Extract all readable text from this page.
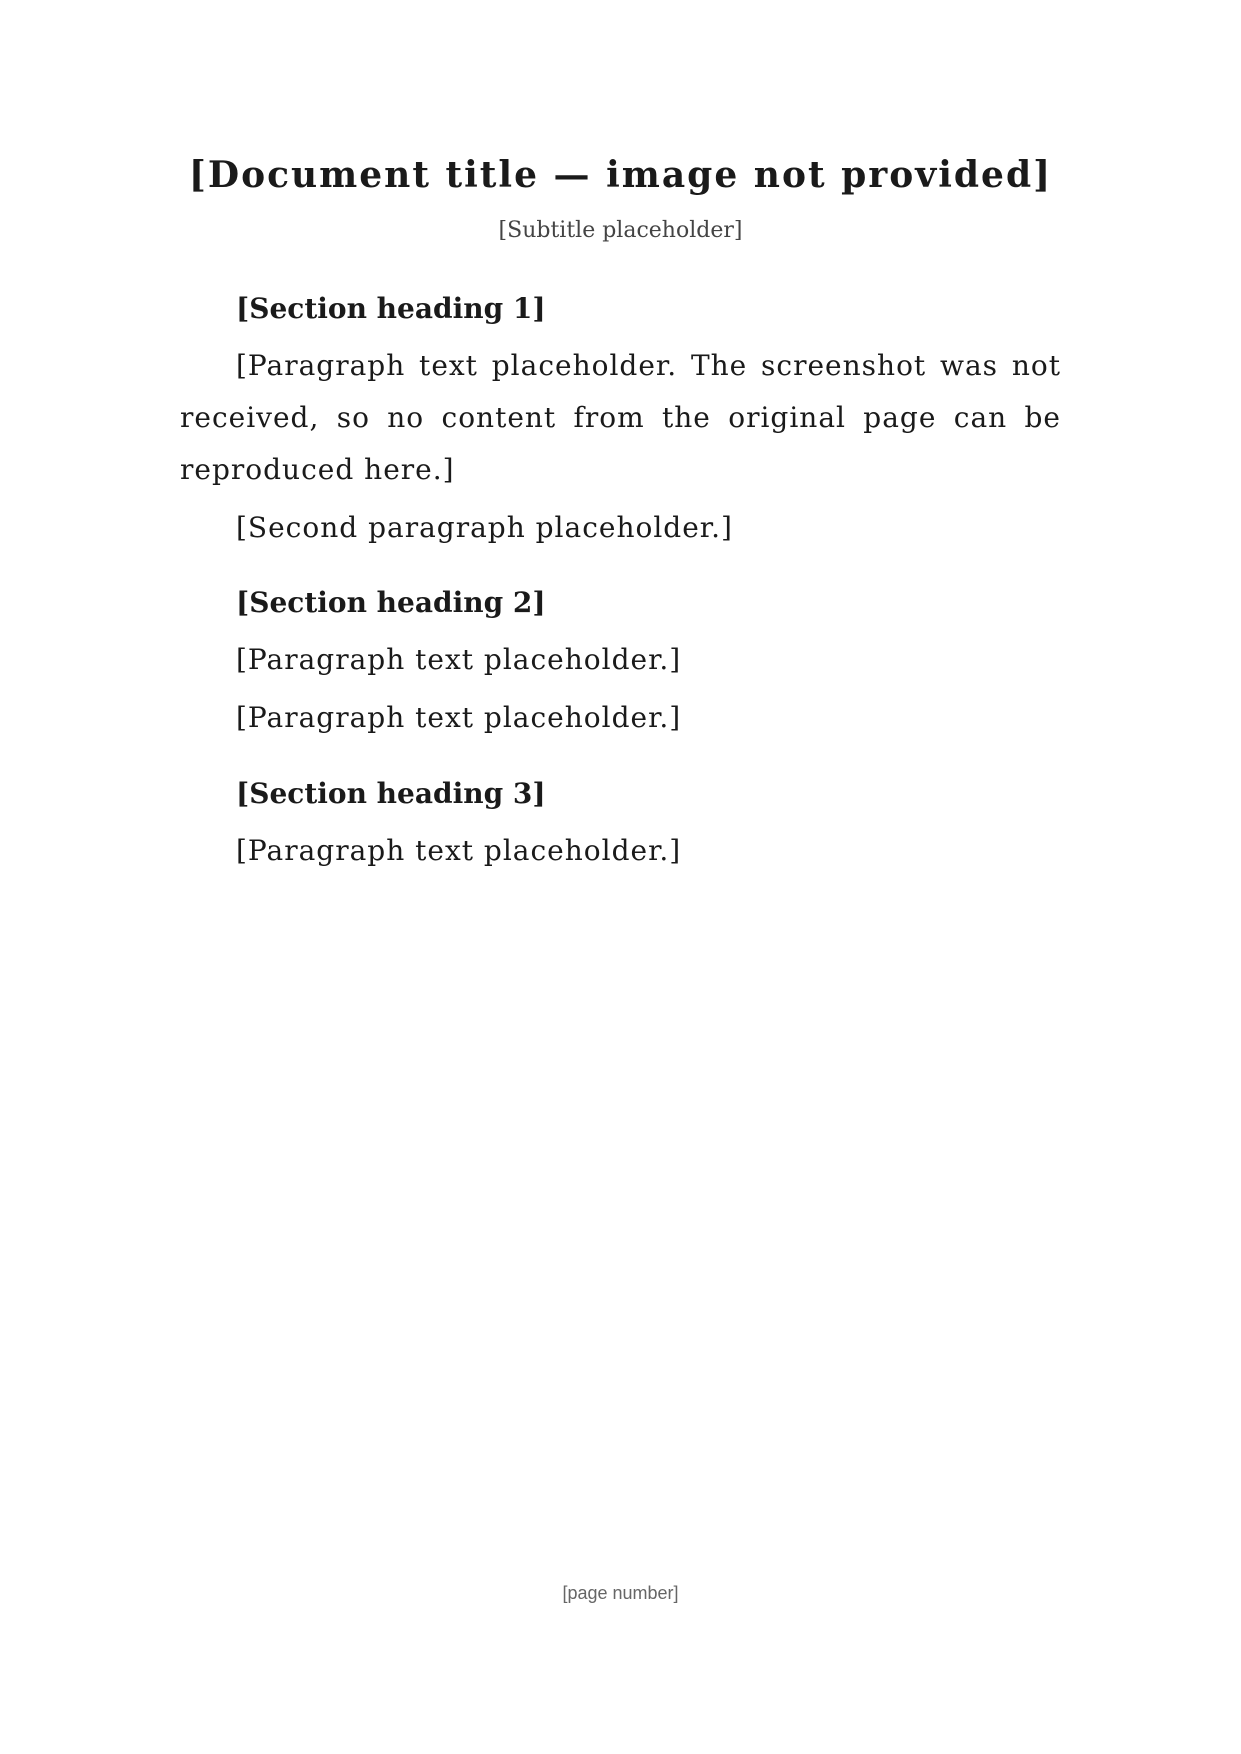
[Document title — image not provided]
[Subtitle placeholder]
[Section heading 1]

[Paragraph text placeholder. The screenshot was not received, so no content from the original page can be reproduced here.]

[Second paragraph placeholder.]

[Section heading 2]

[Paragraph text placeholder.]

[Paragraph text placeholder.]

[Section heading 3]

[Paragraph text placeholder.]

[page number]
